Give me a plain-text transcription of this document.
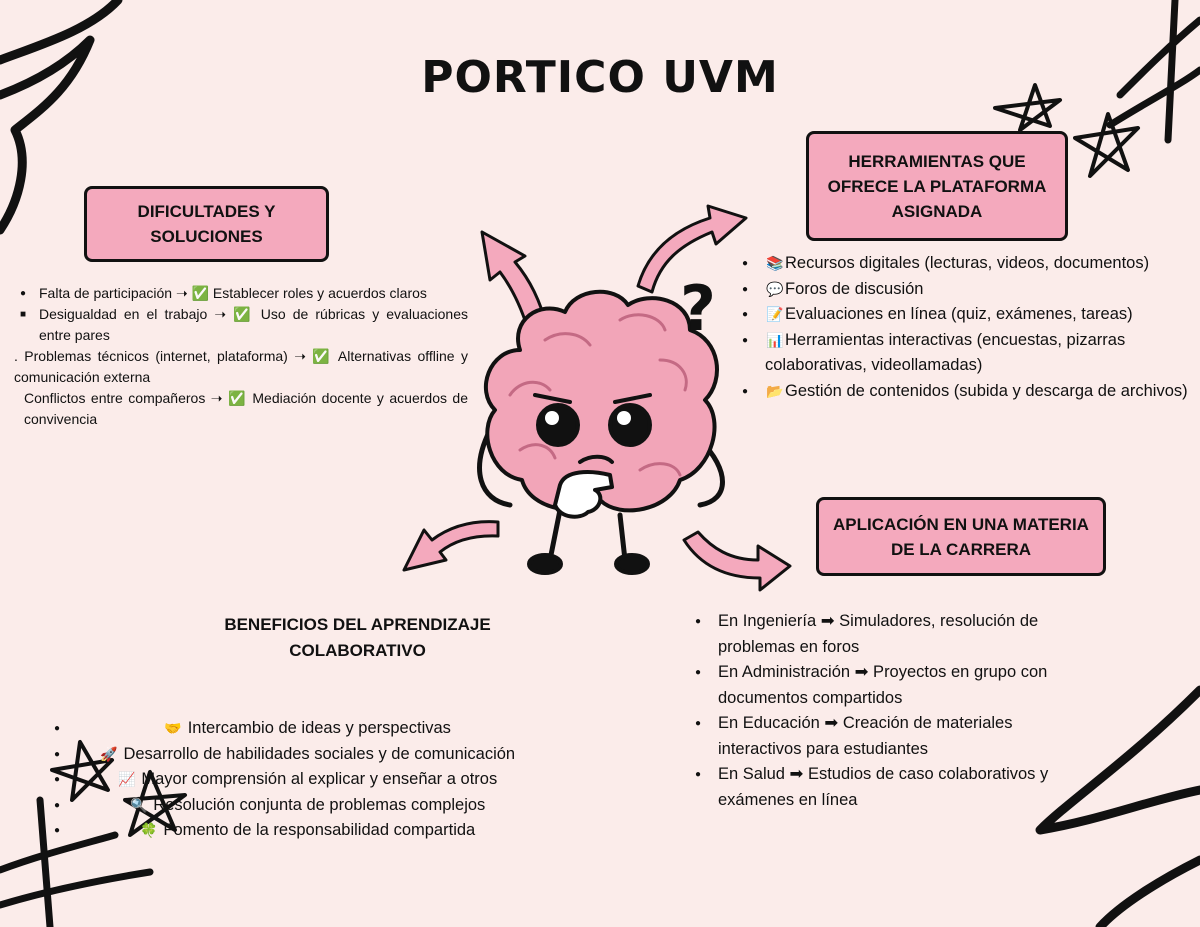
?
PORTICO UVM
DIFICULTADES Y
SOLUCIONES
HERRAMIENTAS QUE
OFRECE LA PLATAFORMA
ASIGNADA
APLICACIÓN EN UNA MATERIA
DE LA CARRERA
BENEFICIOS DEL APRENDIZAJE
COLABORATIVO
● Falta de participación ➝ ✅ Establecer roles y acuerdos claros
■ Desigualdad en el trabajo ➝ ✅ Uso de rúbricas y evaluaciones entre pares
. Problemas técnicos (internet, plataforma) ➝ ✅ Alternativas offline y comunicación externa
Conflictos entre compañeros ➝ ✅ Mediación docente y acuerdos de convivencia
● 📚Recursos digitales (lecturas, videos, documentos)
● 💬Foros de discusión
● 📝Evaluaciones en línea (quiz, exámenes, tareas)
● 📊Herramientas interactivas (encuestas, pizarras colaborativas, videollamadas)
● 📂Gestión de contenidos (subida y descarga de archivos)
● En Ingeniería ➡ Simuladores, resolución de problemas en foros
● En Administración ➡ Proyectos en grupo con documentos compartidos
● En Educación ➡ Creación de materiales interactivos para estudiantes
● En Salud ➡ Estudios de caso colaborativos y exámenes en línea
● 🤝 Intercambio de ideas y perspectivas
● 🚀 Desarrollo de habilidades sociales y de comunicación
● 📈 Mayor comprensión al explicar y enseñar a otros
● 🔍 Resolución conjunta de problemas complejos
● 🍀 Fomento de la responsabilidad compartida
